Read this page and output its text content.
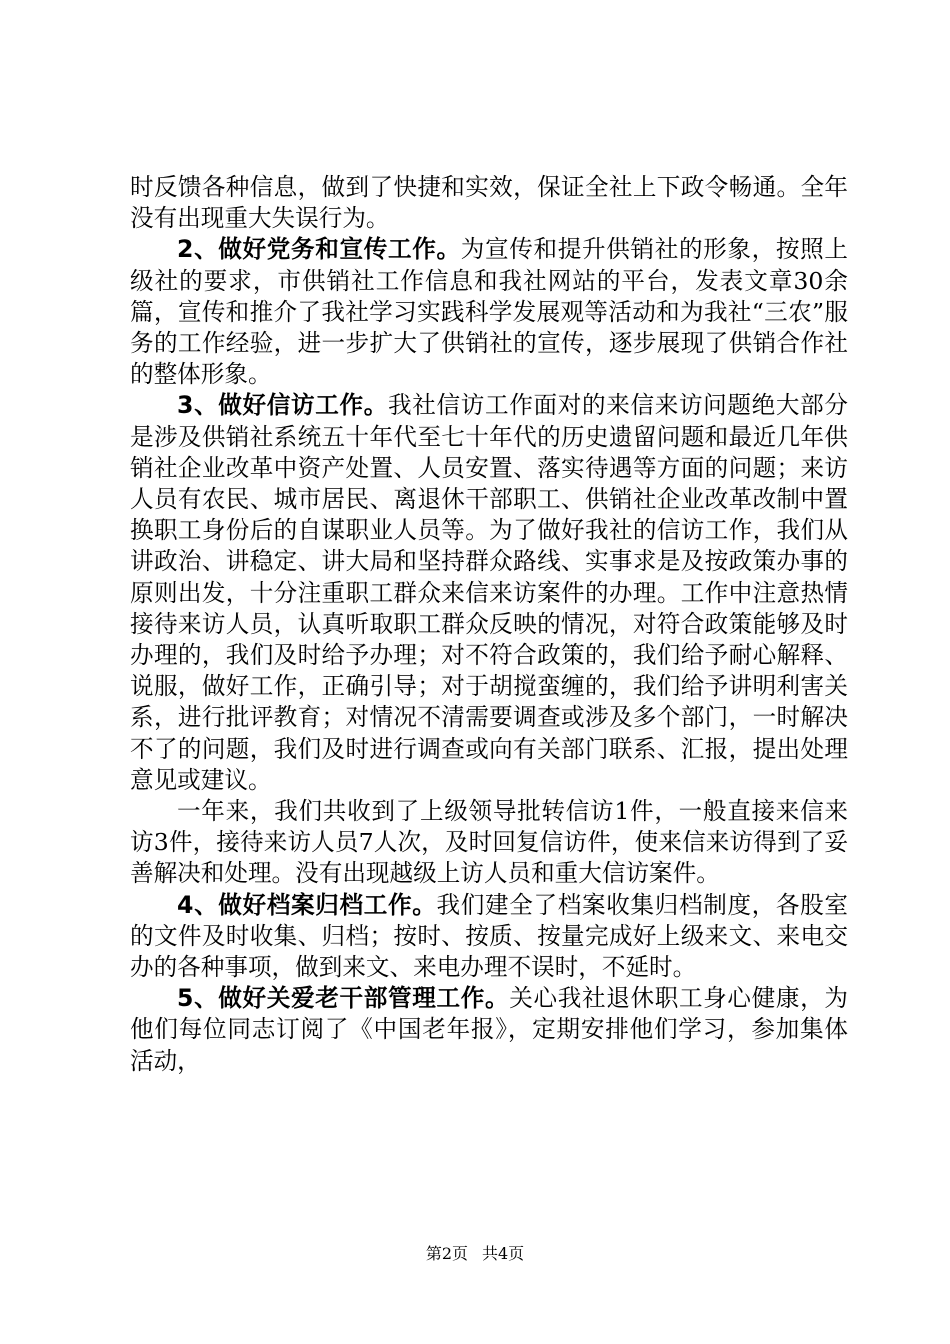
时反馈各种信息，做到了快捷和实效，保证全社上下政令畅通。全年没有出现重大失误行为。

2、做好党务和宣传工作。为宣传和提升供销社的形象，按照上级社的要求，市供销社工作信息和我社网站的平台，发表文章30余篇，宣传和推介了我社学习实践科学发展观等活动和为我社“三农”服务的工作经验，进一步扩大了供销社的宣传，逐步展现了供销合作社的整体形象。

3、做好信访工作。我社信访工作面对的来信来访问题绝大部分是涉及供销社系统五十年代至七十年代的历史遗留问题和最近几年供销社企业改革中资产处置、人员安置、落实待遇等方面的问题；来访人员有农民、城市居民、离退休干部职工、供销社企业改革改制中置换职工身份后的自谋职业人员等。为了做好我社的信访工作，我们从讲政治、讲稳定、讲大局和坚持群众路线、实事求是及按政策办事的原则出发，十分注重职工群众来信来访案件的办理。工作中注意热情接待来访人员，认真听取职工群众反映的情况，对符合政策能够及时办理的，我们及时给予办理；对不符合政策的，我们给予耐心解释、说服，做好工作，正确引导；对于胡搅蛮缠的，我们给予讲明利害关系，进行批评教育；对情况不清需要调查或涉及多个部门，一时解决不了的问题，我们及时进行调查或向有关部门联系、汇报，提出处理意见或建议。

一年来，我们共收到了上级领导批转信访1件，一般直接来信来访3件，接待来访人员7人次，及时回复信访件，使来信来访得到了妥善解决和处理。没有出现越级上访人员和重大信访案件。

4、做好档案归档工作。我们建全了档案收集归档制度，各股室的文件及时收集、归档；按时、按质、按量完成好上级来文、来电交办的各种事项，做到来文、来电办理不误时，不延时。

5、做好关爱老干部管理工作。关心我社退休职工身心健康，为他们每位同志订阅了《中国老年报》，定期安排他们学习，参加集体活动，

第2页 共4页
